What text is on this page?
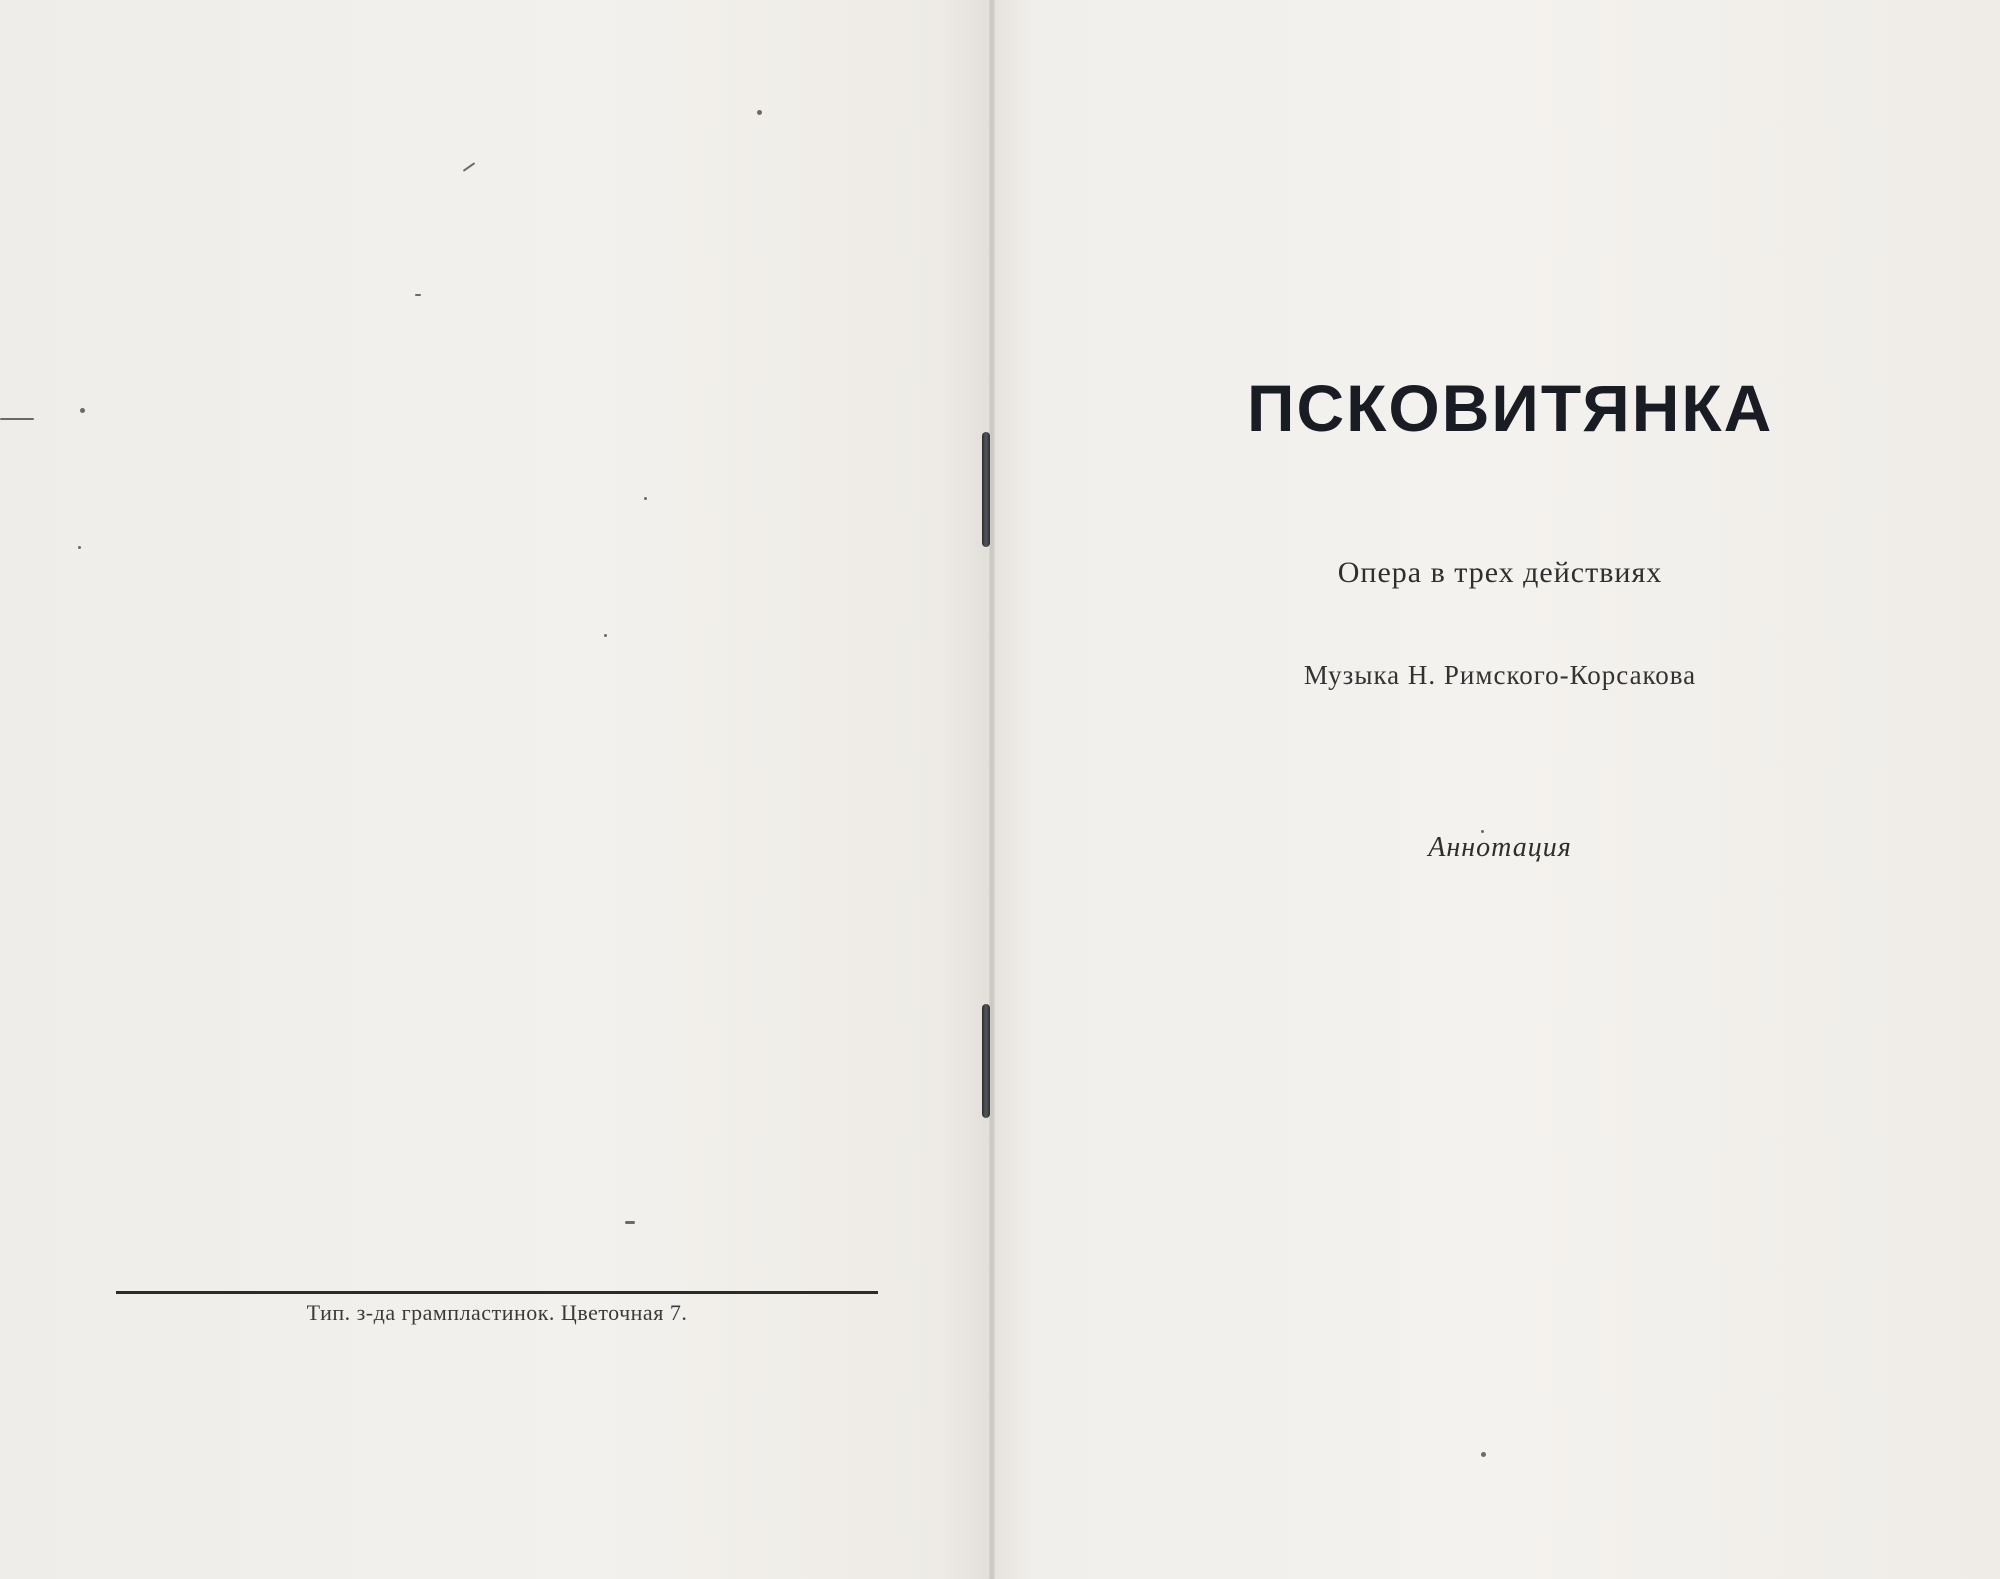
Тип. з-да грампластинок. Цветочная 7.
ПСКОВИТЯНКА
Опера в трех действиях
Музыка Н. Римского-Корсакова
Аннотация
